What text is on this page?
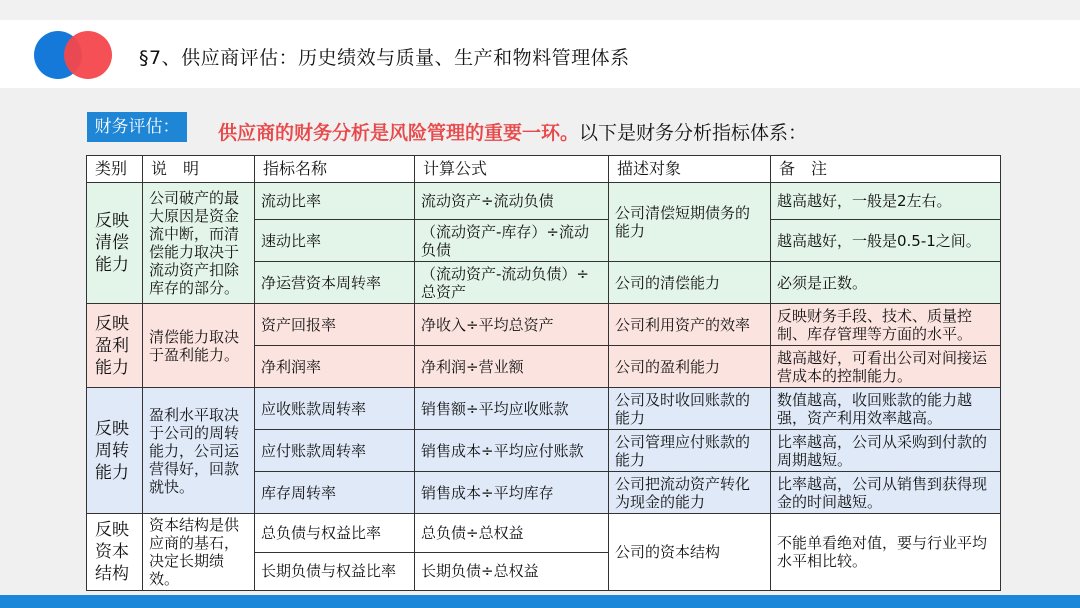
§7、供应商评估：历史绩效与质量、生产和物料管理体系
财务评估：	供应商的财务分析是风险管理的重要一环。以下是财务分析指标体系：
类别	说　明	指标名称	计算公式	描述对象	备　注
反映清偿能力	公司破产的最大原因是资金流中断，而清偿能力取决于流动资产扣除库存的部分。	流动比率	流动资产÷流动负债	公司清偿短期债务的能力	越高越好，一般是2左右。
		速动比率	（流动资产-库存）÷流动负债		越高越好，一般是0.5-1之间。
		净运营资本周转率	（流动资产-流动负债）÷总资产	公司的清偿能力	必须是正数。
反映盈利能力	清偿能力取决于盈利能力。	资产回报率	净收入÷平均总资产	公司利用资产的效率	反映财务手段、技术、质量控制、库存管理等方面的水平。
		净利润率	净利润÷营业额	公司的盈利能力	越高越好，可看出公司对间接运营成本的控制能力。
反映周转能力	盈利水平取决于公司的周转能力，公司运营得好，回款就快。	应收账款周转率	销售额÷平均应收账款	公司及时收回账款的能力	数值越高，收回账款的能力越强，资产利用效率越高。
		应付账款周转率	销售成本÷平均应付账款	公司管理应付账款的能力	比率越高，公司从采购到付款的周期越短。
		库存周转率	销售成本÷平均库存	公司把流动资产转化为现金的能力	比率越高，公司从销售到获得现金的时间越短。
反映资本结构	资本结构是供应商的基石，决定长期绩效。	总负债与权益比率	总负债÷总权益	公司的资本结构	不能单看绝对值，要与行业平均水平相比较。
		长期负债与权益比率	长期负债÷总权益		
